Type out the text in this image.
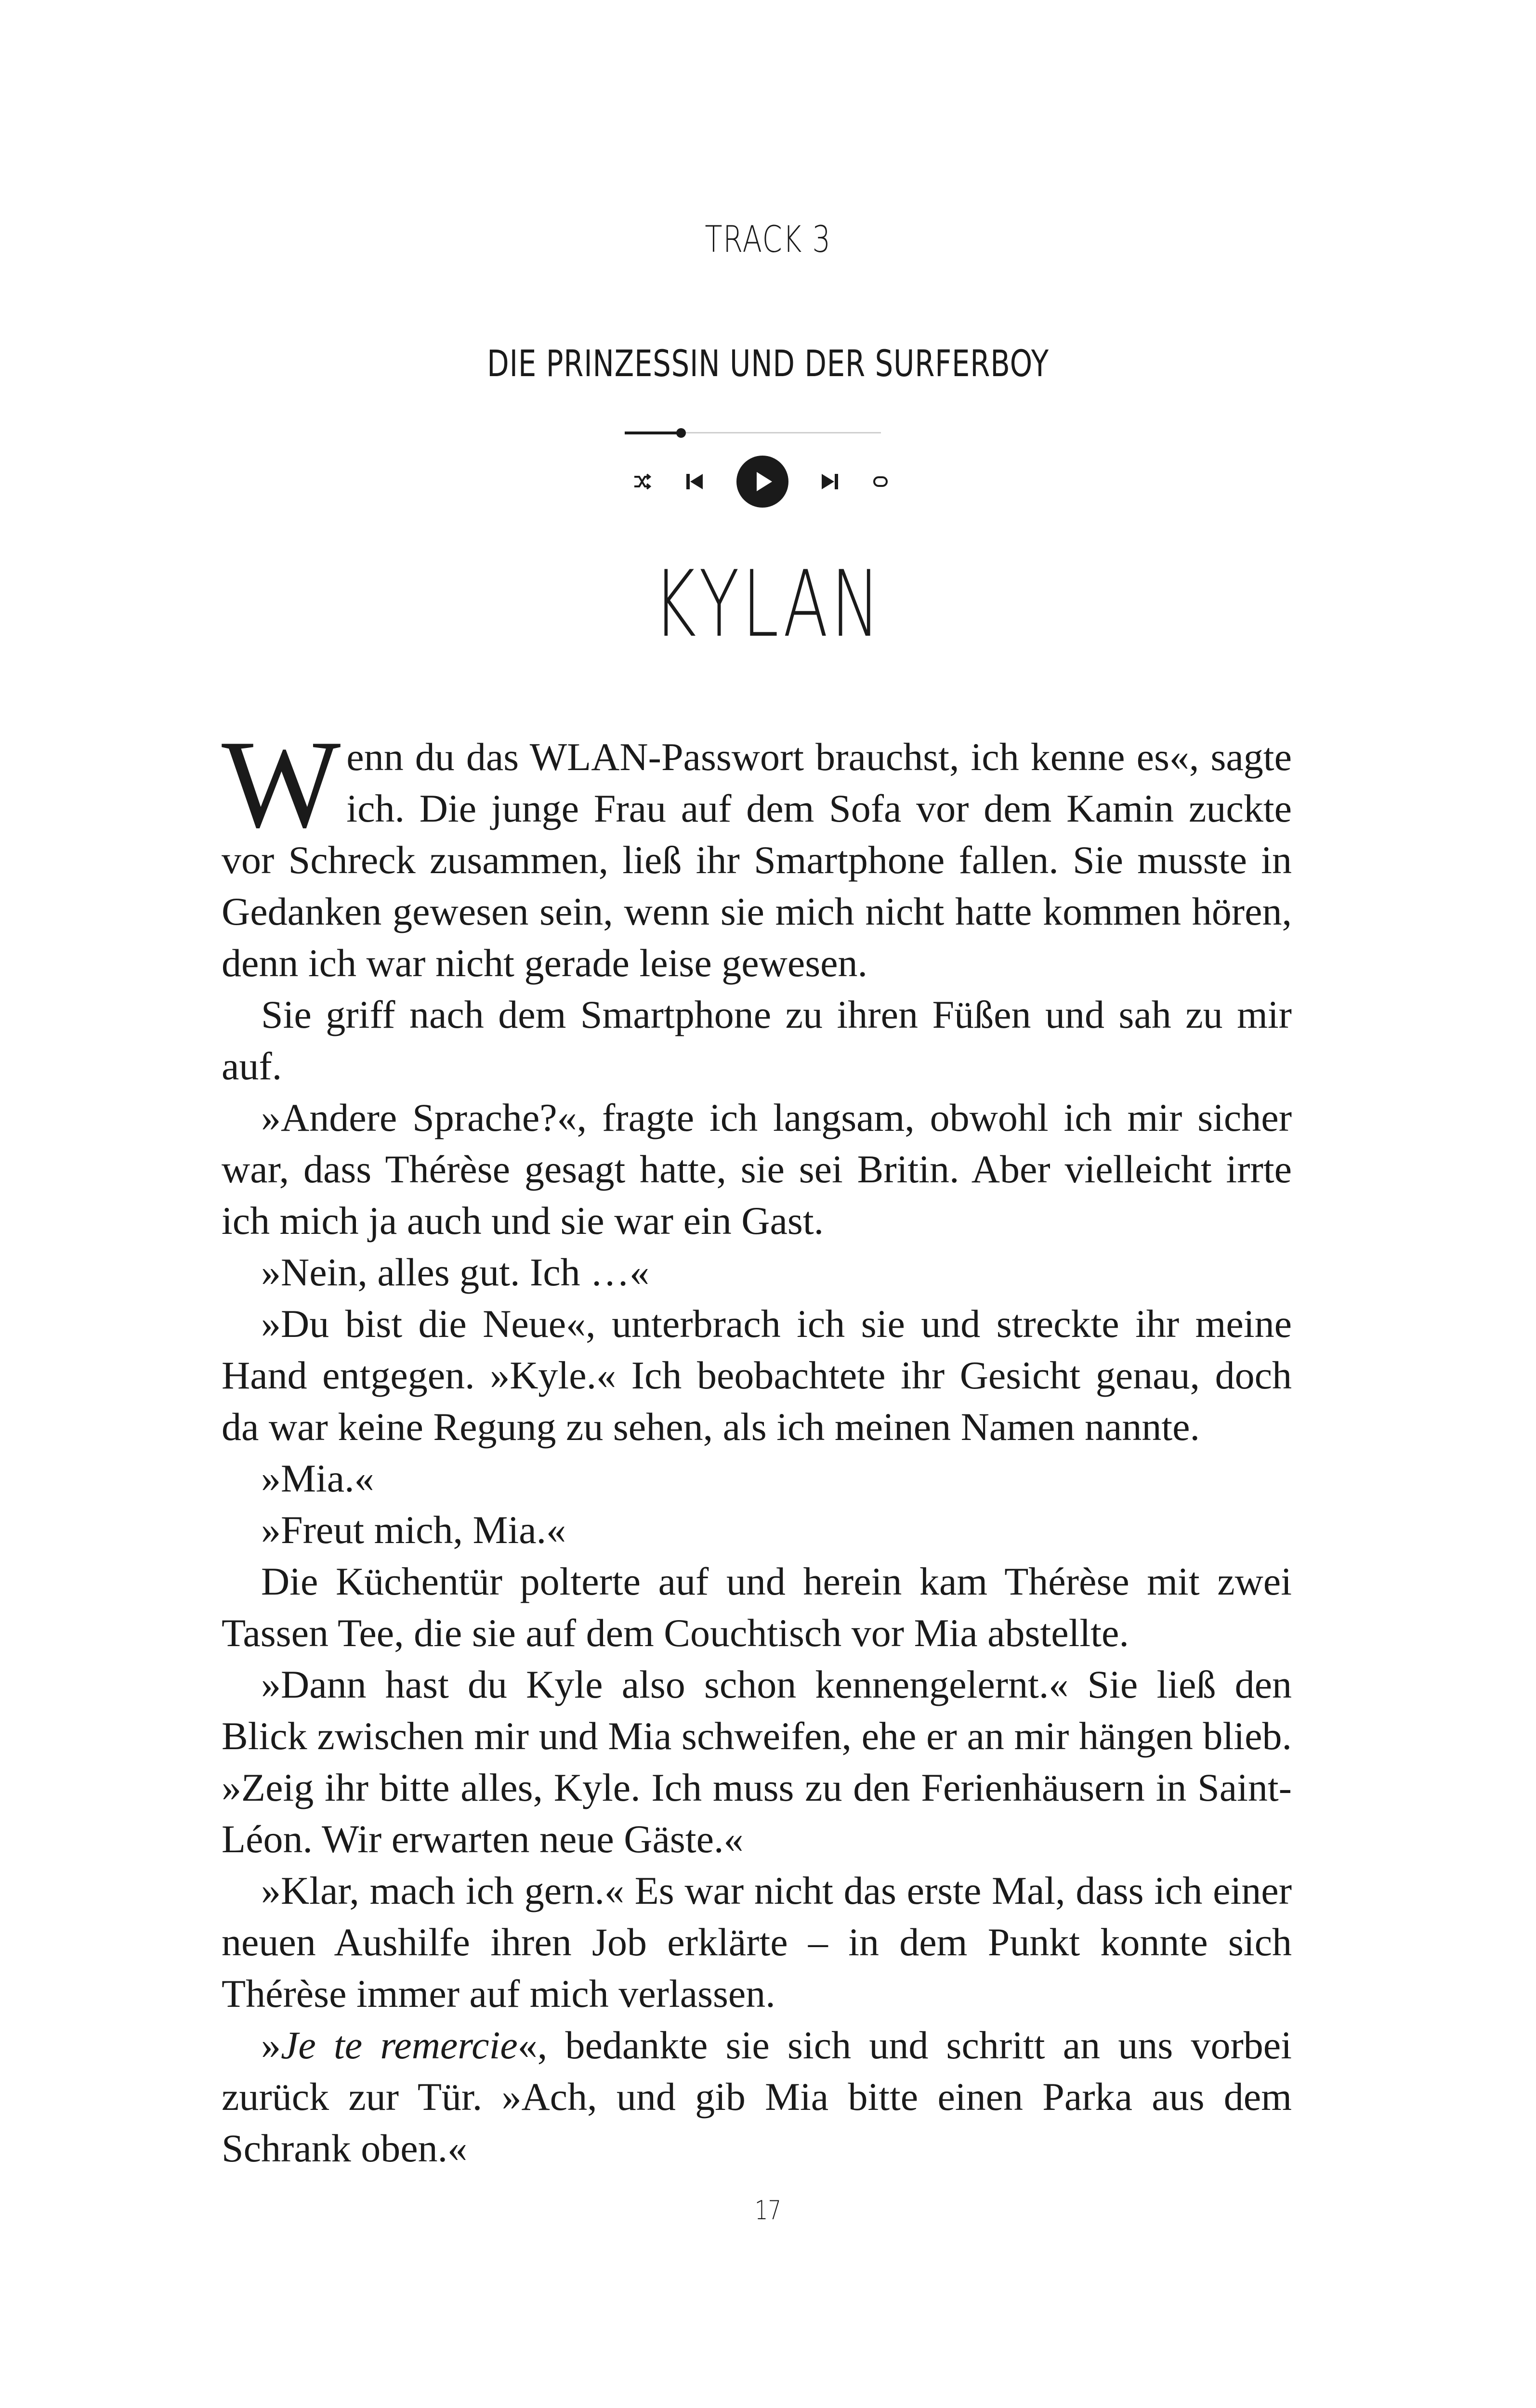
TRACK 3
DIE PRINZESSIN UND DER SURFERBOY
KYLAN

Wenn du das WLAN-Passwort brauchst, ich kenne es«, sagte ich. Die junge Frau auf dem Sofa vor dem Kamin zuckte vor Schreck zusammen, ließ ihr Smartphone fallen. Sie musste in Gedanken gewesen sein, wenn sie mich nicht hatte kommen hören, denn ich war nicht gerade leise gewesen.

Sie griff nach dem Smartphone zu ihren Füßen und sah zu mir auf.

»Andere Sprache?«, fragte ich langsam, obwohl ich mir sicher war, dass Thérèse gesagt hatte, sie sei Britin. Aber vielleicht irrte ich mich ja auch und sie war ein Gast.

»Nein, alles gut. Ich …«

»Du bist die Neue«, unterbrach ich sie und streckte ihr meine Hand entgegen. »Kyle.« Ich beobachtete ihr Gesicht genau, doch da war keine Regung zu sehen, als ich meinen Namen nannte.

»Mia.«

»Freut mich, Mia.«

Die Küchentür polterte auf und herein kam Thérèse mit zwei Tassen Tee, die sie auf dem Couchtisch vor Mia abstellte.

»Dann hast du Kyle also schon kennengelernt.« Sie ließ den Blick zwischen mir und Mia schweifen, ehe er an mir hängen blieb. »Zeig ihr bitte alles, Kyle. Ich muss zu den Ferienhäusern in Saint-Léon. Wir erwarten neue Gäste.«

»Klar, mach ich gern.« Es war nicht das erste Mal, dass ich einer neuen Aushilfe ihren Job erklärte – in dem Punkt konnte sich Thérèse immer auf mich verlassen.

»Je te remercie«, bedankte sie sich und schritt an uns vorbei zurück zur Tür. »Ach, und gib Mia bitte einen Parka aus dem Schrank oben.«

17
